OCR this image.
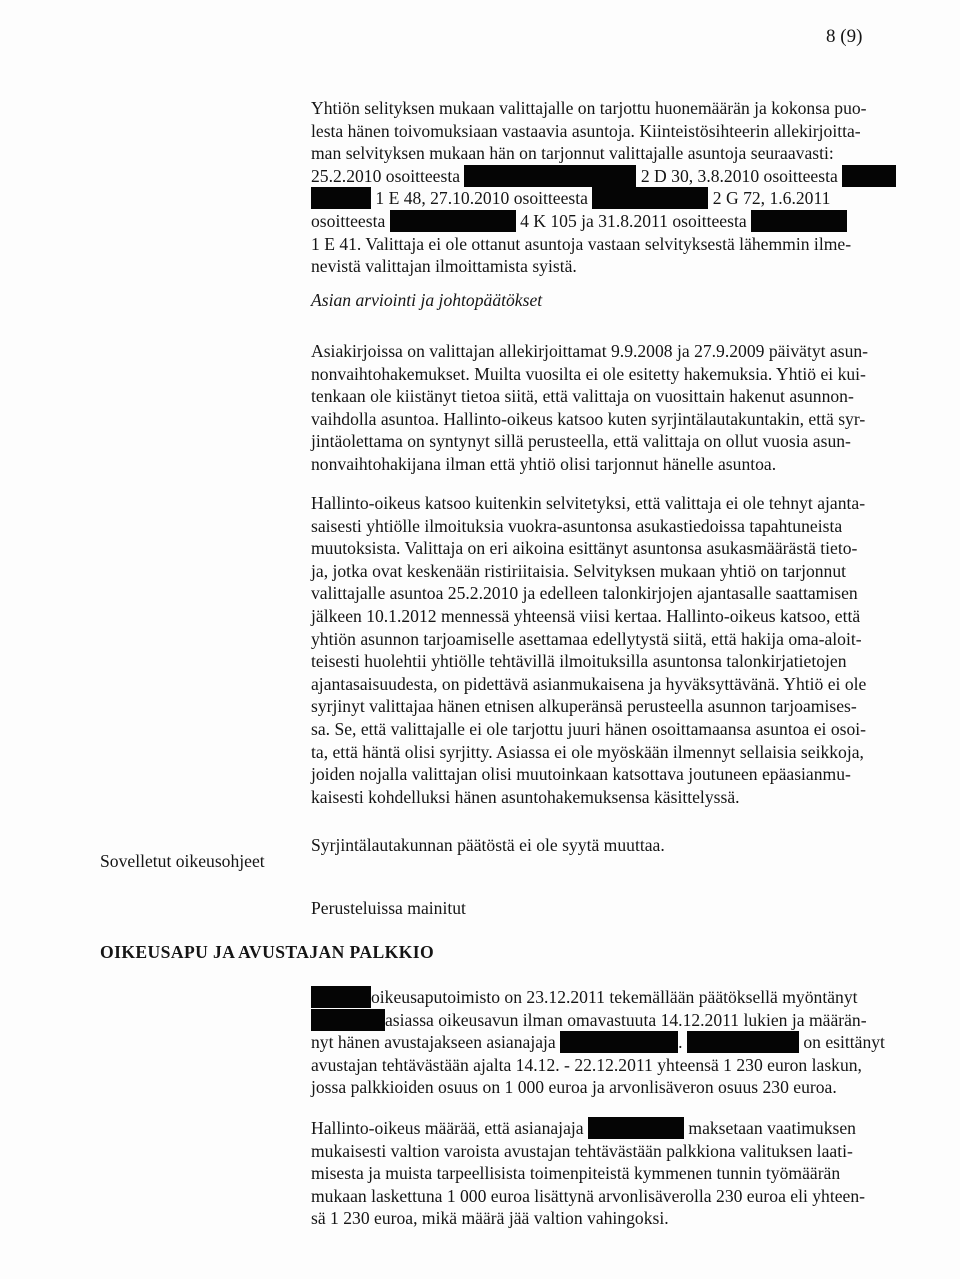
8 (9)
Yhtiön selityksen mukaan valittajalle on tarjottu huonemäärän ja kokonsa puo-
lesta hänen toivomuksiaan vastaavia asuntoja. Kiinteistösihteerin allekirjoitta-
man selvityksen mukaan hän on tarjonnut valittajalle asuntoja seuraavasti:
25.2.2010 osoitteesta	2 D 30, 3.8.2010 osoitteesta
1 E 48, 27.10.2010 osoitteesta	2 G 72, 1.6.2011
osoitteesta	4 K 105 ja 31.8.2011 osoitteesta
1 E 41. Valittaja ei ole ottanut asuntoja vastaan selvityksestä lähemmin ilme-
nevistä valittajan ilmoittamista syistä.
Asian arviointi ja johtopäätökset
Asiakirjoissa on valittajan allekirjoittamat 9.9.2008 ja 27.9.2009 päivätyt asun-
nonvaihtohakemukset. Muilta vuosilta ei ole esitetty hakemuksia. Yhtiö ei kui-
tenkaan ole kiistänyt tietoa siitä, että valittaja on vuosittain hakenut asunnon-
vaihdolla asuntoa. Hallinto-oikeus katsoo kuten syrjintälautakuntakin, että syr-
jintäolettama on syntynyt sillä perusteella, että valittaja on ollut vuosia asun-
nonvaihtohakijana ilman että yhtiö olisi tarjonnut hänelle asuntoa.
Hallinto-oikeus katsoo kuitenkin selvitetyksi, että valittaja ei ole tehnyt ajanta-
saisesti yhtiölle ilmoituksia vuokra-asuntonsa asukastiedoissa tapahtuneista
muutoksista. Valittaja on eri aikoina esittänyt asuntonsa asukasmäärästä tieto-
ja, jotka ovat keskenään ristiriitaisia. Selvityksen mukaan yhtiö on tarjonnut
valittajalle asuntoa 25.2.2010 ja edelleen talonkirjojen ajantasalle saattamisen
jälkeen 10.1.2012 mennessä yhteensä viisi kertaa. Hallinto-oikeus katsoo, että
yhtiön asunnon tarjoamiselle asettamaa edellytystä siitä, että hakija oma-aloit-
teisesti huolehtii yhtiölle tehtävillä ilmoituksilla asuntonsa talonkirjatietojen
ajantasaisuudesta, on pidettävä asianmukaisena ja hyväksyttävänä. Yhtiö ei ole
syrjinyt valittajaa hänen etnisen alkuperänsä perusteella asunnon tarjoamises-
sa. Se, että valittajalle ei ole tarjottu juuri hänen osoittamaansa asuntoa ei osoi-
ta, että häntä olisi syrjitty. Asiassa ei ole myöskään ilmennyt sellaisia seikkoja,
joiden nojalla valittajan olisi muutoinkaan katsottava joutuneen epäasianmu-
kaisesti kohdelluksi hänen asuntohakemuksensa käsittelyssä.
Syrjintälautakunnan päätöstä ei ole syytä muuttaa.
Sovelletut oikeusohjeet
Perusteluissa mainitut
OIKEUSAPU JA AVUSTAJAN PALKKIO
oikeusaputoimisto on 23.12.2011 tekemällään päätöksellä myöntänyt
asiassa oikeusavun ilman omavastuuta 14.12.2011 lukien ja määrän-
nyt hänen avustajakseen asianajaja	.	on esittänyt
avustajan tehtävästään ajalta 14.12. - 22.12.2011 yhteensä 1 230 euron laskun,
jossa palkkioiden osuus on 1 000 euroa ja arvonlisäveron osuus 230 euroa.
Hallinto-oikeus määrää, että asianajaja	maksetaan vaatimuksen
mukaisesti valtion varoista avustajan tehtävästään palkkiona valituksen laati-
misesta ja muista tarpeellisista toimenpiteistä kymmenen tunnin työmäärän
mukaan laskettuna 1 000 euroa lisättynä arvonlisäverolla 230 euroa eli yhteen-
sä 1 230 euroa, mikä määrä jää valtion vahingoksi.
